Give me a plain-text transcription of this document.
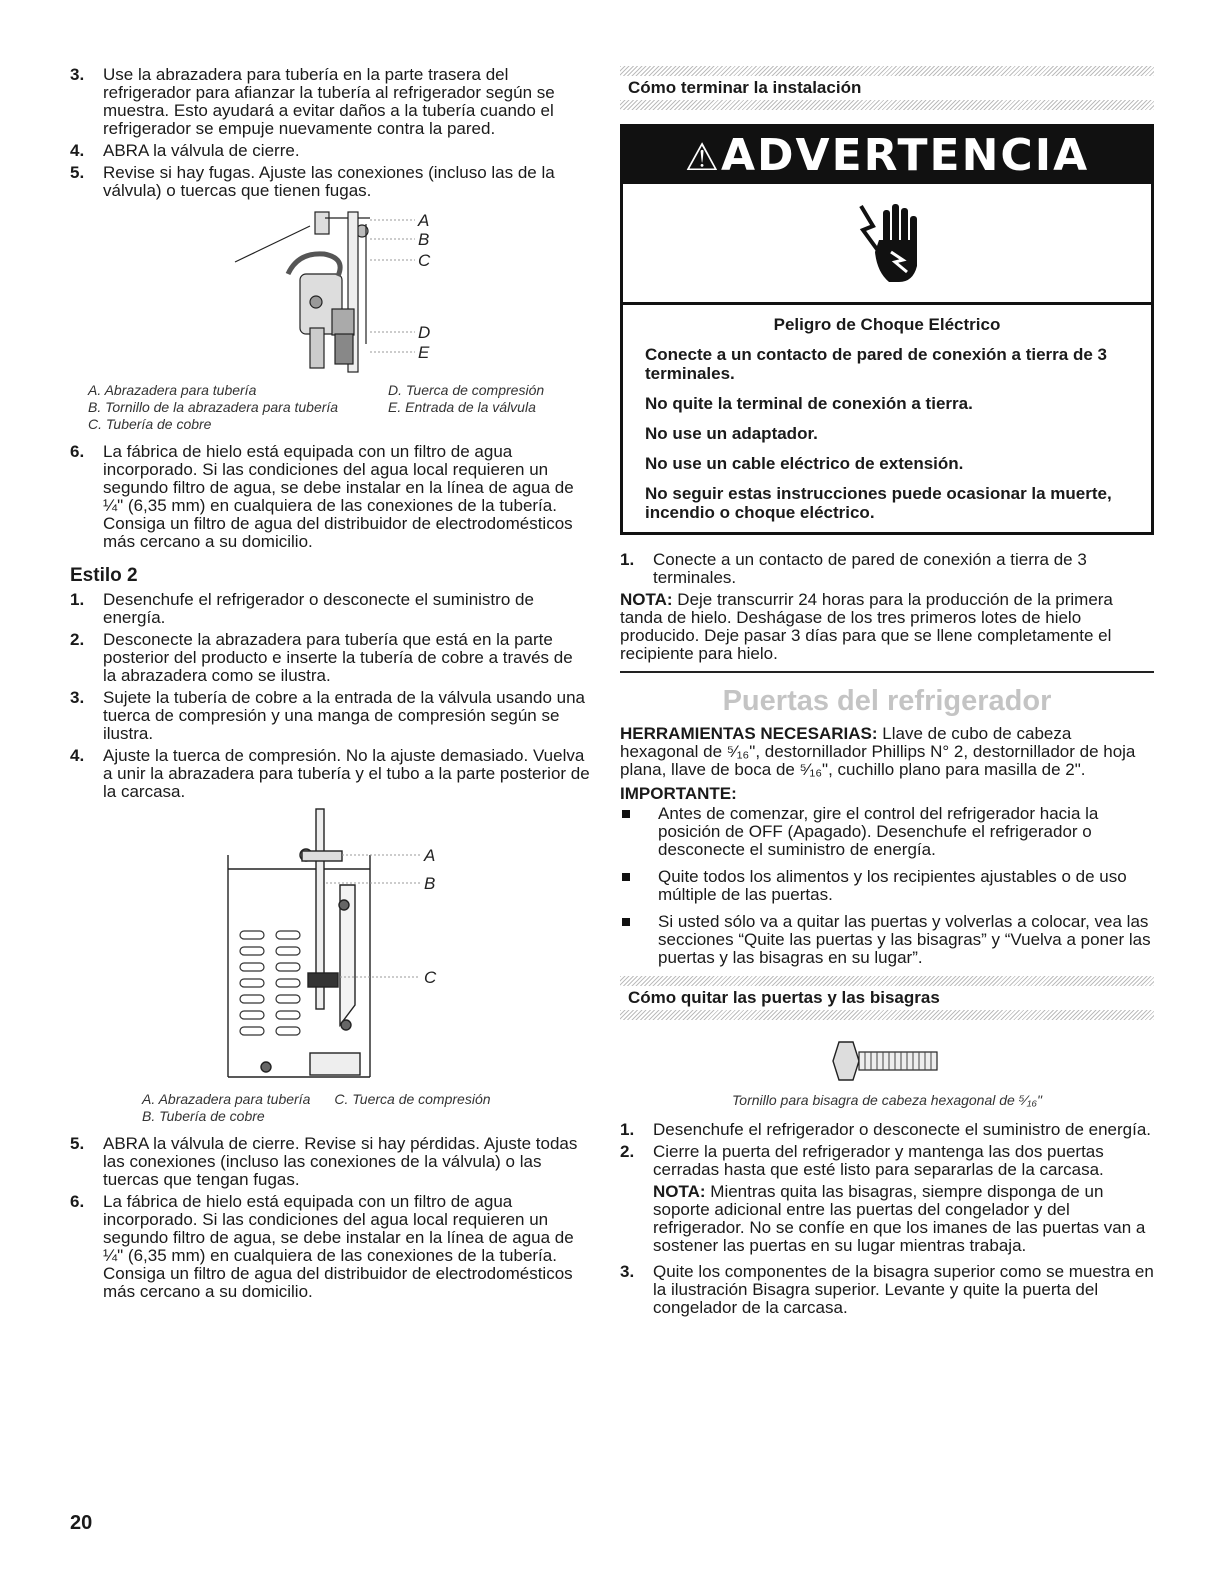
3. Use la abrazadera para tubería en la parte trasera del refrigerador para afianzar la tubería al refrigerador según se muestra. Esto ayudará a evitar daños a la tubería cuando el refrigerador se empuje nuevamente contra la pared.
4. ABRA la válvula de cierre.
5. Revise si hay fugas. Ajuste las conexiones (incluso las de la válvula) o tuercas que tienen fugas.
A
B
C
D
E
A. Abrazadera para tubería	D. Tuerca de compresión
B. Tornillo de la abrazadera para tubería	E. Entrada de la válvula
C. Tubería de cobre
6. La fábrica de hielo está equipada con un filtro de agua incorporado. Si las condiciones del agua local requieren un segundo filtro de agua, se debe instalar en la línea de agua de ¼" (6,35 mm) en cualquiera de las conexiones de la tubería. Consiga un filtro de agua del distribuidor de electrodomésticos más cercano a su domicilio.
Estilo 2
1. Desenchufe el refrigerador o desconecte el suministro de energía.
2. Desconecte la abrazadera para tubería que está en la parte posterior del producto e inserte la tubería de cobre a través de la abrazadera como se ilustra.
3. Sujete la tubería de cobre a la entrada de la válvula usando una tuerca de compresión y una manga de compresión según se ilustra.
4. Ajuste la tuerca de compresión. No la ajuste demasiado. Vuelva a unir la abrazadera para tubería y el tubo a la parte posterior de la carcasa.
A
B
C
A. Abrazadera para tubería C. Tuerca de compresión
B. Tubería de cobre
5. ABRA la válvula de cierre. Revise si hay pérdidas. Ajuste todas las conexiones (incluso las conexiones de la válvula) o las tuercas que tengan fugas.
6. La fábrica de hielo está equipada con un filtro de agua incorporado. Si las condiciones del agua local requieren un segundo filtro de agua, se debe instalar en la línea de agua de ¼" (6,35 mm) en cualquiera de las conexiones de la tubería. Consiga un filtro de agua del distribuidor de electrodomésticos más cercano a su domicilio.
Cómo terminar la instalación
⚠ADVERTENCIA

Peligro de Choque Eléctrico

Conecte a un contacto de pared de conexión a tierra de 3 terminales.

No quite la terminal de conexión a tierra.

No use un adaptador.

No use un cable eléctrico de extensión.

No seguir estas instrucciones puede ocasionar la muerte, incendio o choque eléctrico.

1. Conecte a un contacto de pared de conexión a tierra de 3 terminales.

NOTA: Deje transcurrir 24 horas para la producción de la primera tanda de hielo. Deshágase de los tres primeros lotes de hielo producido. Deje pasar 3 días para que se llene completamente el recipiente para hielo.

Puertas del refrigerador

HERRAMIENTAS NECESARIAS: Llave de cubo de cabeza hexagonal de ⁵⁄₁₆", destornillador Phillips N° 2, destornillador de hoja plana, llave de boca de ⁵⁄₁₆", cuchillo plano para masilla de 2".

IMPORTANTE:

Antes de comenzar, gire el control del refrigerador hacia la posición de OFF (Apagado). Desenchufe el refrigerador o desconecte el suministro de energía.
Quite todos los alimentos y los recipientes ajustables o de uso múltiple de las puertas.
Si usted sólo va a quitar las puertas y volverlas a colocar, vea las secciones “Quite las puertas y las bisagras” y “Vuelva a poner las puertas y las bisagras en su lugar”.
Cómo quitar las puertas y las bisagras
Tornillo para bisagra de cabeza hexagonal de ⁵⁄₁₆"
1. Desenchufe el refrigerador o desconecte el suministro de energía.
2. Cierre la puerta del refrigerador y mantenga las dos puertas cerradas hasta que esté listo para separarlas de la carcasa.

NOTA: Mientras quita las bisagras, siempre disponga de un soporte adicional entre las puertas del congelador y del refrigerador. No se confíe en que los imanes de las puertas van a sostener las puertas en su lugar mientras trabaja.

3. Quite los componentes de la bisagra superior como se muestra en la ilustración Bisagra superior. Levante y quite la puerta del congelador de la carcasa.
20
